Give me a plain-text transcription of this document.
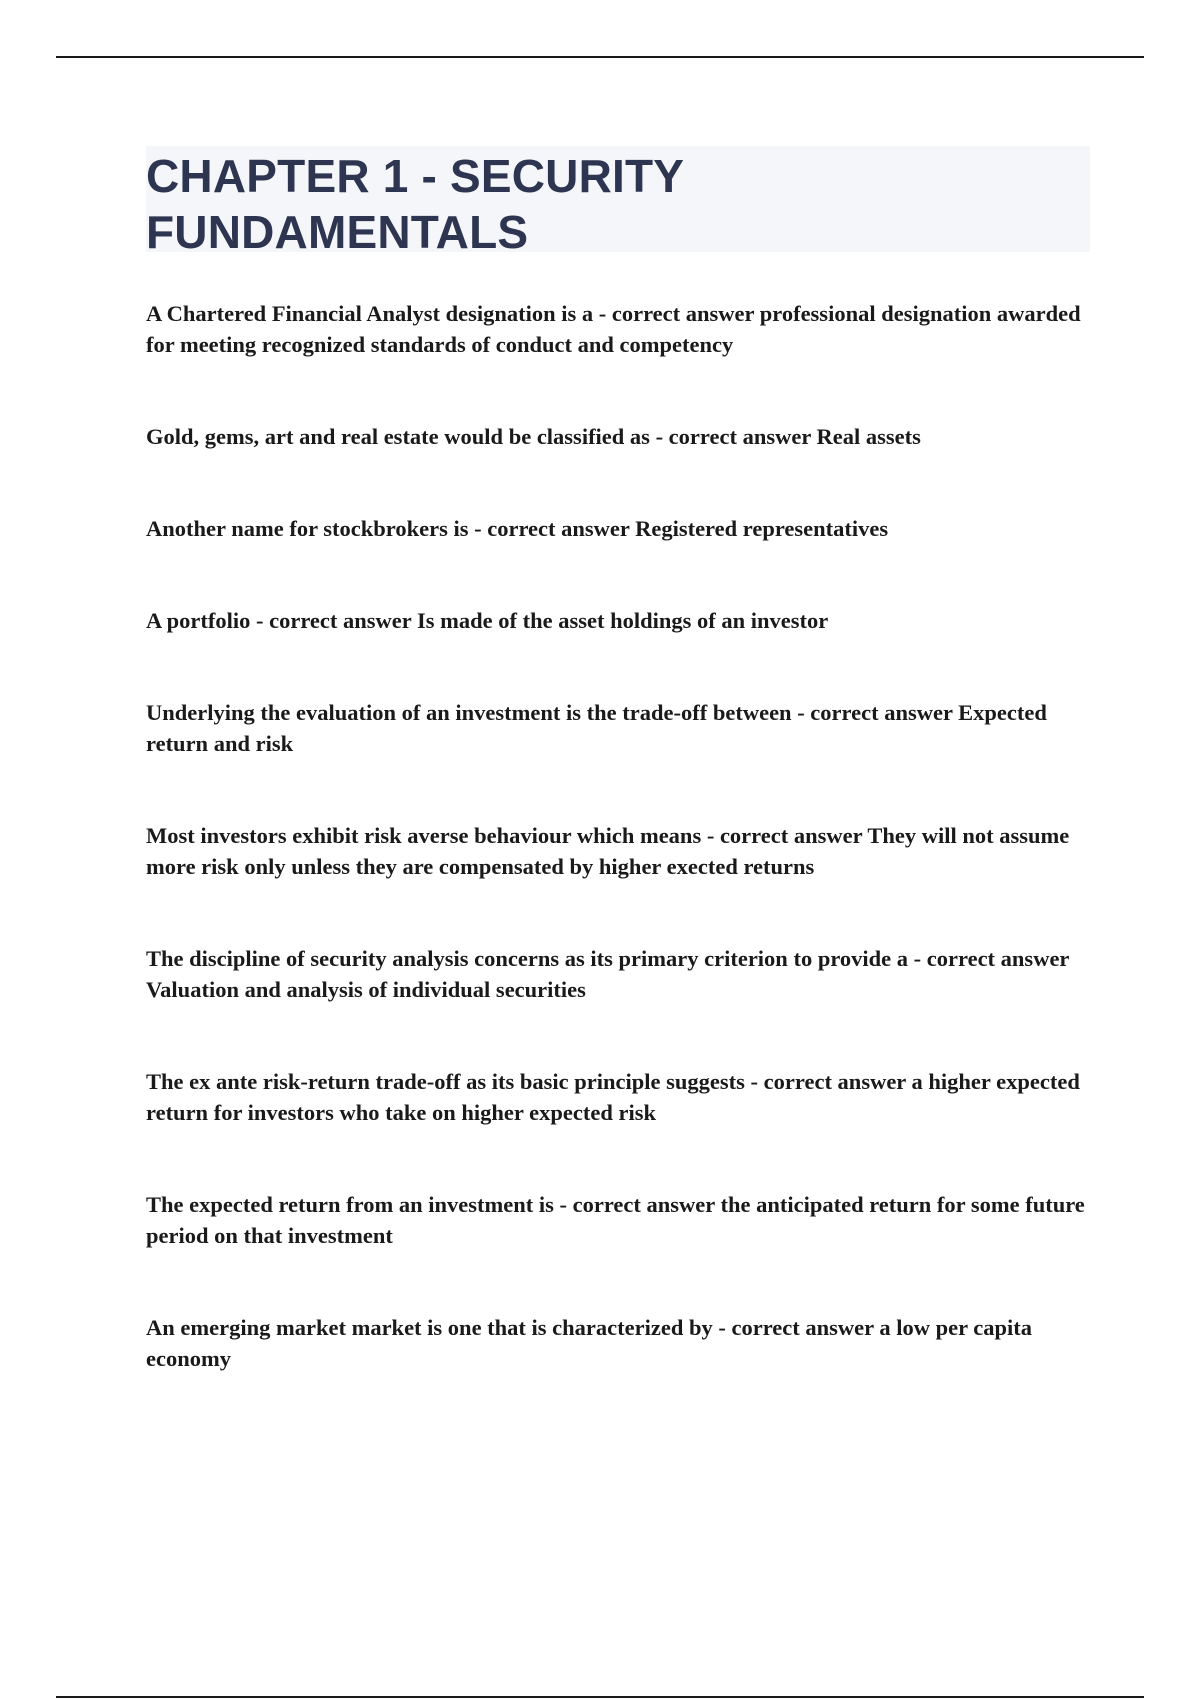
CHAPTER 1 - SECURITY FUNDAMENTALS

A Chartered Financial Analyst designation is a - correct answer professional designation awarded for meeting recognized standards of conduct and competency

Gold, gems, art and real estate would be classified as - correct answer Real assets

Another name for stockbrokers is - correct answer Registered representatives

A portfolio - correct answer Is made of the asset holdings of an investor

Underlying the evaluation of an investment is the trade-off between - correct answer Expected return and risk

Most investors exhibit risk averse behaviour which means - correct answer They will not assume more risk only unless they are compensated by higher exected returns

The discipline of security analysis concerns as its primary criterion to provide a - correct answer Valuation and analysis of individual securities

The ex ante risk-return trade-off as its basic principle suggests - correct answer a higher expected return for investors who take on higher expected risk

The expected return from an investment is - correct answer the anticipated return for some future period on that investment

An emerging market market is one that is characterized by - correct answer a low per capita economy
